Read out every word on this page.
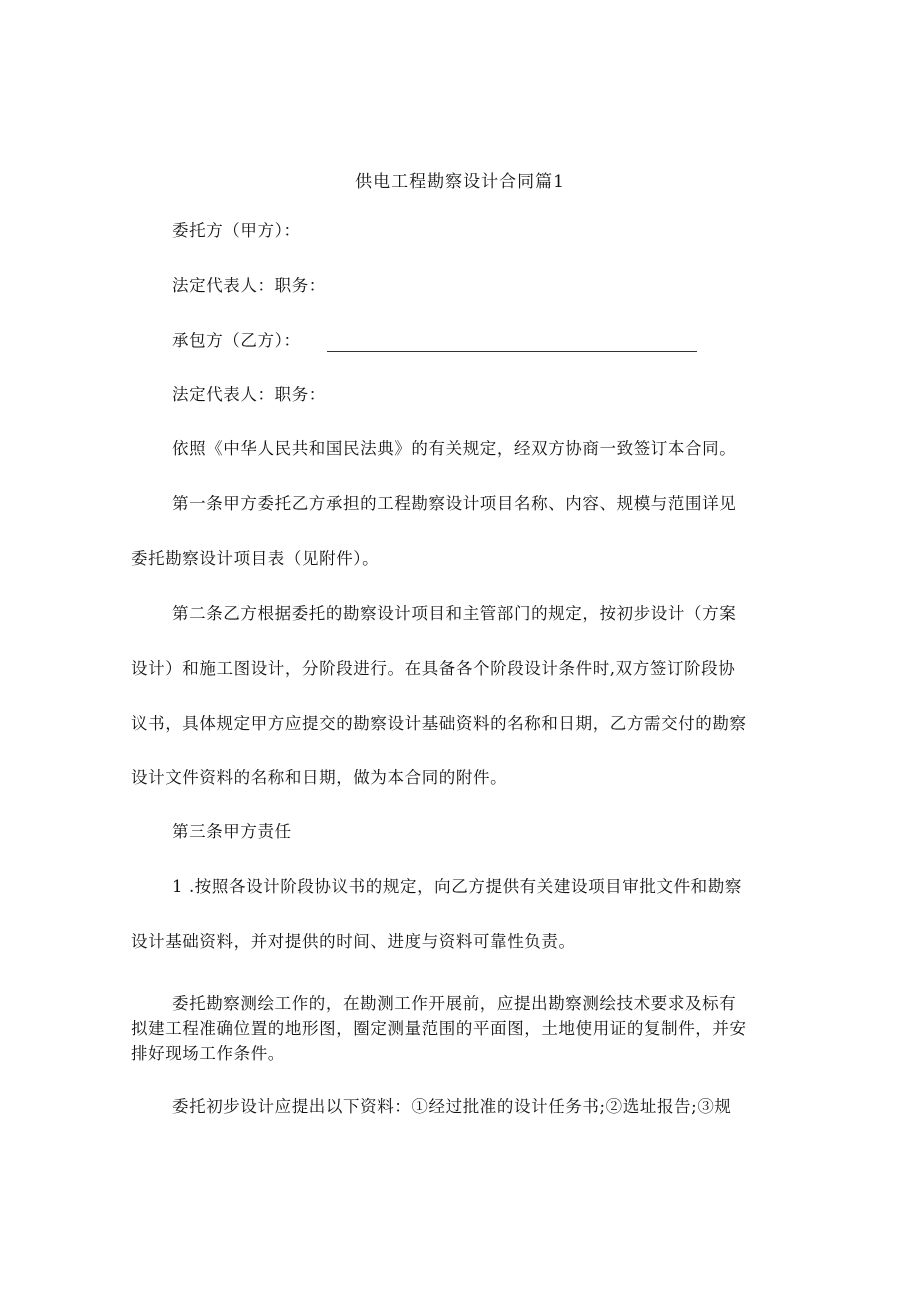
供电工程勘察设计合同篇1
委托方（甲方）：
法定代表人：职务：
承包方（乙方）：
法定代表人：职务：
依照《中华人民共和国民法典》的有关规定，经双方协商一致签订本合同。
第一条甲方委托乙方承担的工程勘察设计项目名称、内容、规模与范围详见
委托勘察设计项目表（见附件）。
第二条乙方根据委托的勘察设计项目和主管部门的规定，按初步设计（方案
设计）和施工图设计，分阶段进行。在具备各个阶段设计条件时,双方签订阶段协
议书，具体规定甲方应提交的勘察设计基础资料的名称和日期，乙方需交付的勘察
设计文件资料的名称和日期，做为本合同的附件。
第三条甲方责任
1 .按照各设计阶段协议书的规定，向乙方提供有关建设项目审批文件和勘察
设计基础资料，并对提供的时间、进度与资料可靠性负责。
委托勘察测绘工作的，在勘测工作开展前，应提出勘察测绘技术要求及标有
拟建工程准确位置的地形图，圈定测量范围的平面图，土地使用证的复制件，并安
排好现场工作条件。
委托初步设计应提出以下资料：①经过批准的设计任务书;②选址报告;③规
